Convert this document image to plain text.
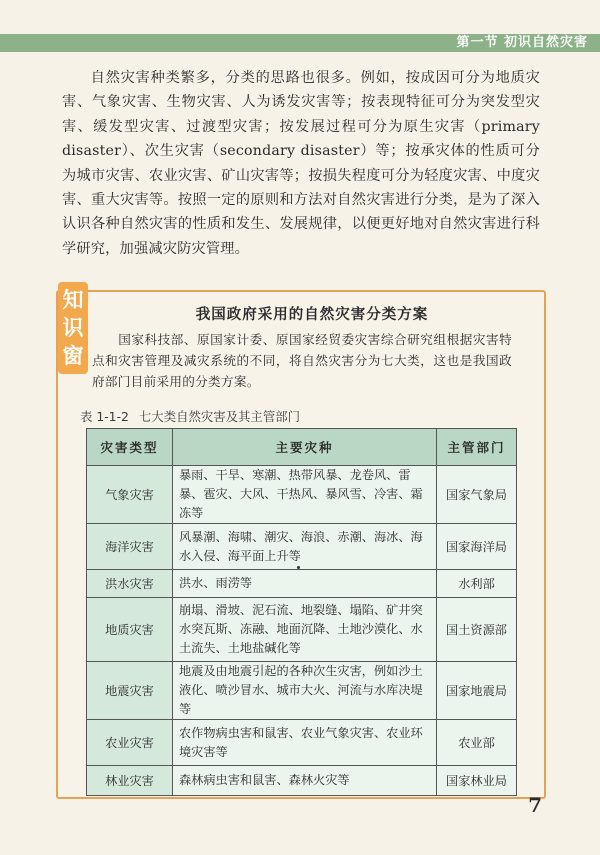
第一节 初识自然灾害
自然灾害种类繁多，分类的思路也很多。例如，按成因可分为地质灾害、气象灾害、生物灾害、人为诱发灾害等；按表现特征可分为突发型灾害、缓发型灾害、过渡型灾害；按发展过程可分为原生灾害（primary disaster）、次生灾害（secondary disaster）等；按承灾体的性质可分为城市灾害、农业灾害、矿山灾害等；按损失程度可分为轻度灾害、中度灾害、重大灾害等。按照一定的原则和方法对自然灾害进行分类，是为了深入认识各种自然灾害的性质和发生、发展规律，以便更好地对自然灾害进行科学研究，加强减灾防灾管理。
知
识
窗
我国政府采用的自然灾害分类方案
国家科技部、原国家计委、原国家经贸委灾害综合研究组根据灾害特点和灾害管理及减灾系统的不同，将自然灾害分为七大类，这也是我国政府部门目前采用的分类方案。
表 1-1-2 七大类自然灾害及其主管部门
灾害类型	主要灾种	主管部门
气象灾害	暴雨、干旱、寒潮、热带风暴、龙卷风、雷暴、雹灾、大风、干热风、暴风雪、冷害、霜冻等	国家气象局
海洋灾害	风暴潮、海啸、潮灾、海浪、赤潮、海冰、海水入侵、海平面上升等	国家海洋局
洪水灾害	洪水、雨涝等	水利部
地质灾害	崩塌、滑坡、泥石流、地裂缝、塌陷、矿井突水突瓦斯、冻融、地面沉降、土地沙漠化、水土流失、土地盐碱化等	国土资源部
地震灾害	地震及由地震引起的各种次生灾害，例如沙土液化、喷沙冒水、城市大火、河流与水库决堤等	国家地震局
农业灾害	农作物病虫害和鼠害、农业气象灾害、农业环境灾害等	农业部
林业灾害	森林病虫害和鼠害、森林火灾等	国家林业局
7
